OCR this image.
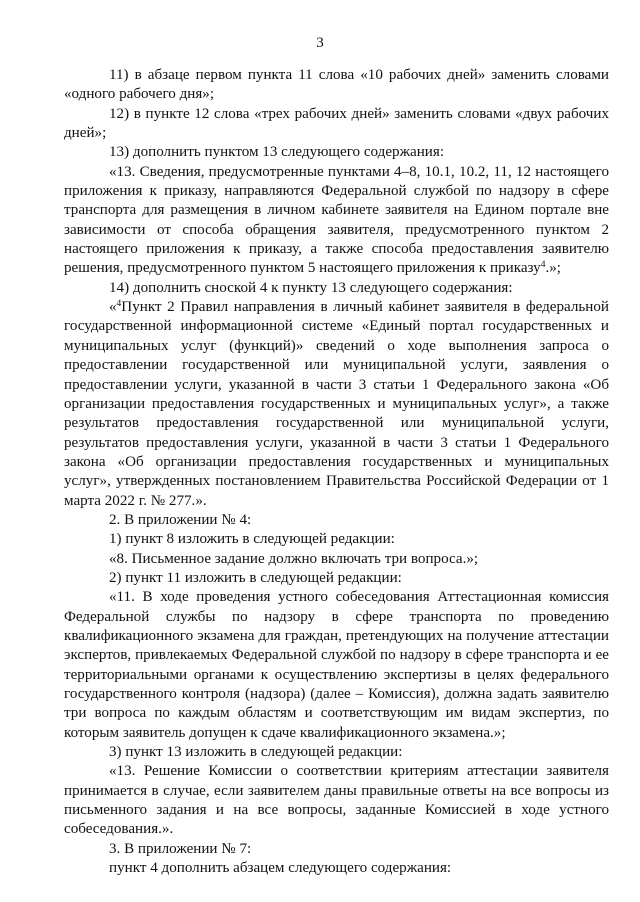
3

11) в абзаце первом пункта 11 слова «10 рабочих дней» заменить словами «одного рабочего дня»;

12) в пункте 12 слова «трех рабочих дней» заменить словами «двух рабочих дней»;

13) дополнить пунктом 13 следующего содержания:

«13. Сведения, предусмотренные пунктами 4–8, 10.1, 10.2, 11, 12 настоящего приложения к приказу, направляются Федеральной службой по надзору в сфере транспорта для размещения в личном кабинете заявителя на Едином портале вне зависимости от способа обращения заявителя, предусмотренного пунктом 2 настоящего приложения к приказу, а также способа предоставления заявителю решения, предусмотренного пунктом 5 настоящего приложения к приказу$^4$.»;

14) дополнить сноской 4 к пункту 13 следующего содержания:

«$^4$Пункт 2 Правил направления в личный кабинет заявителя в федеральной государственной информационной системе «Единый портал государственных и муниципальных услуг (функций)» сведений о ходе выполнения запроса о предоставлении государственной или муниципальной услуги, заявления о предоставлении услуги, указанной в части 3 статьи 1 Федерального закона «Об организации предоставления государственных и муниципальных услуг», а также результатов предоставления государственной или муниципальной услуги, результатов предоставления услуги, указанной в части 3 статьи 1 Федерального закона «Об организации предоставления государственных и муниципальных услуг», утвержденных постановлением Правительства Российской Федерации от 1 марта 2022 г. № 277.».

2. В приложении № 4:

1) пункт 8 изложить в следующей редакции:

«8. Письменное задание должно включать три вопроса.»;

2) пункт 11 изложить в следующей редакции:

«11. В ходе проведения устного собеседования Аттестационная комиссия Федеральной службы по надзору в сфере транспорта по проведению квалификационного экзамена для граждан, претендующих на получение аттестации экспертов, привлекаемых Федеральной службой по надзору в сфере транспорта и ее территориальными органами к осуществлению экспертизы в целях федерального государственного контроля (надзора) (далее – Комиссия), должна задать заявителю три вопроса по каждым областям и соответствующим им видам экспертиз, по которым заявитель допущен к сдаче квалификационного экзамена.»;

3) пункт 13 изложить в следующей редакции:

«13. Решение Комиссии о соответствии критериям аттестации заявителя принимается в случае, если заявителем даны правильные ответы на все вопросы из письменного задания и на все вопросы, заданные Комиссией в ходе устного собеседования.».

3. В приложении № 7:

пункт 4 дополнить абзацем следующего содержания:
